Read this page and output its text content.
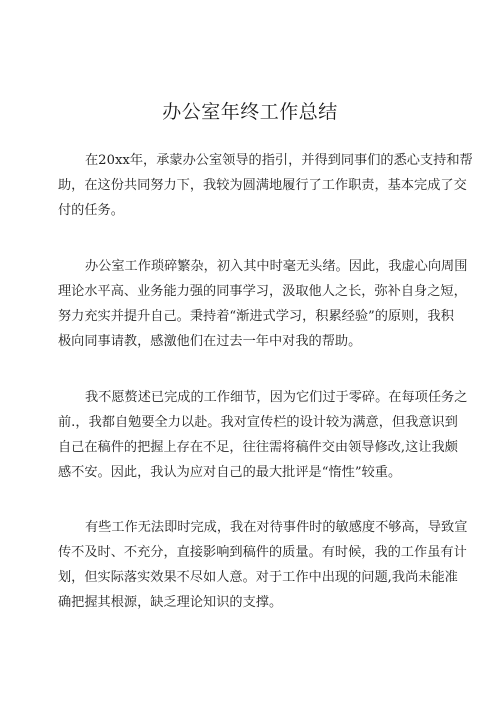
办公室年终工作总结
在20xx年，承蒙办公室领导的指引，并得到同事们的悉心支持和帮
助，在这份共同努力下，我较为圆满地履行了工作职责，基本完成了交
付的任务。
办公室工作琐碎繁杂，初入其中时毫无头绪。因此，我虚心向周围
理论水平高、业务能力强的同事学习，汲取他人之长，弥补自身之短，
努力充实并提升自己。秉持着“渐进式学习，积累经验”的原则，我积
极向同事请教，感激他们在过去一年中对我的帮助。
我不愿赘述已完成的工作细节，因为它们过于零碎。在每项任务之
前.，我都自勉要全力以赴。我对宣传栏的设计较为满意，但我意识到
自己在稿件的把握上存在不足，往往需将稿件交由领导修改,这让我颇
感不安。因此，我认为应对自己的最大批评是“惰性”较重。
有些工作无法即时完成，我在对待事件时的敏感度不够高，导致宣
传不及时、不充分，直接影响到稿件的质量。有时候，我的工作虽有计
划，但实际落实效果不尽如人意。对于工作中出现的问题,我尚未能准
确把握其根源，缺乏理论知识的支撑。
